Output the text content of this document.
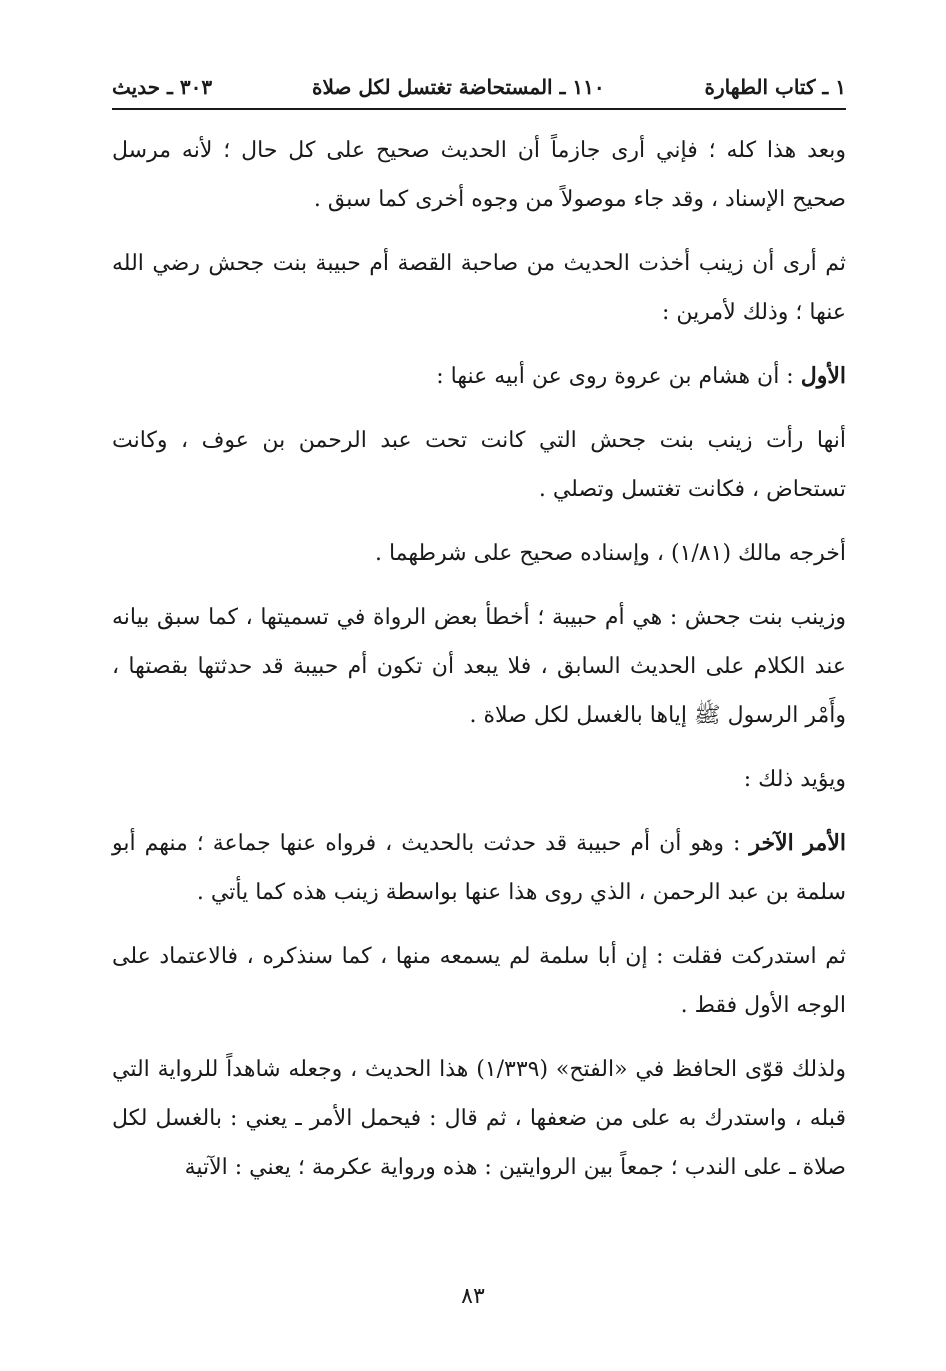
١ ـ كتاب الطهارة
١١٠ ـ المستحاضة تغتسل لكل صلاة
٣٠٣ ـ حديث

وبعد هذا كله ؛ فإني أرى جازماً أن الحديث صحيح على كل حال ؛ لأنه مرسل صحيح الإسناد ، وقد جاء موصولاً من وجوه أخرى كما سبق .

ثم أرى أن زينب أخذت الحديث من صاحبة القصة أم حبيبة بنت جحش رضي الله عنها ؛ وذلك لأمرين :

الأول : أن هشام بن عروة روى عن أبيه عنها :

أنها رأت زينب بنت جحش التي كانت تحت عبد الرحمن بن عوف ، وكانت تستحاض ، فكانت تغتسل وتصلي .

أخرجه مالك (١/٨١) ، وإسناده صحيح على شرطهما .

وزينب بنت جحش : هي أم حبيبة ؛ أخطأ بعض الرواة في تسميتها ، كما سبق بيانه عند الكلام على الحديث السابق ، فلا يبعد أن تكون أم حبيبة قد حدثتها بقصتها ، وأَمْر الرسول ﷺ إياها بالغسل لكل صلاة .

ويؤيد ذلك :

الأمر الآخر : وهو أن أم حبيبة قد حدثت بالحديث ، فرواه عنها جماعة ؛ منهم أبو سلمة بن عبد الرحمن ، الذي روى هذا عنها بواسطة زينب هذه كما يأتي .

ثم استدركت فقلت : إن أبا سلمة لم يسمعه منها ، كما سنذكره ، فالاعتماد على الوجه الأول فقط .

ولذلك قوّى الحافظ في «الفتح» (١/٣٣٩) هذا الحديث ، وجعله شاهداً للرواية التي قبله ، واستدرك به على من ضعفها ، ثم قال : فيحمل الأمر ـ يعني : بالغسل لكل صلاة ـ على الندب ؛ جمعاً بين الروايتين : هذه ورواية عكرمة ؛ يعني : الآتية

٨٣
